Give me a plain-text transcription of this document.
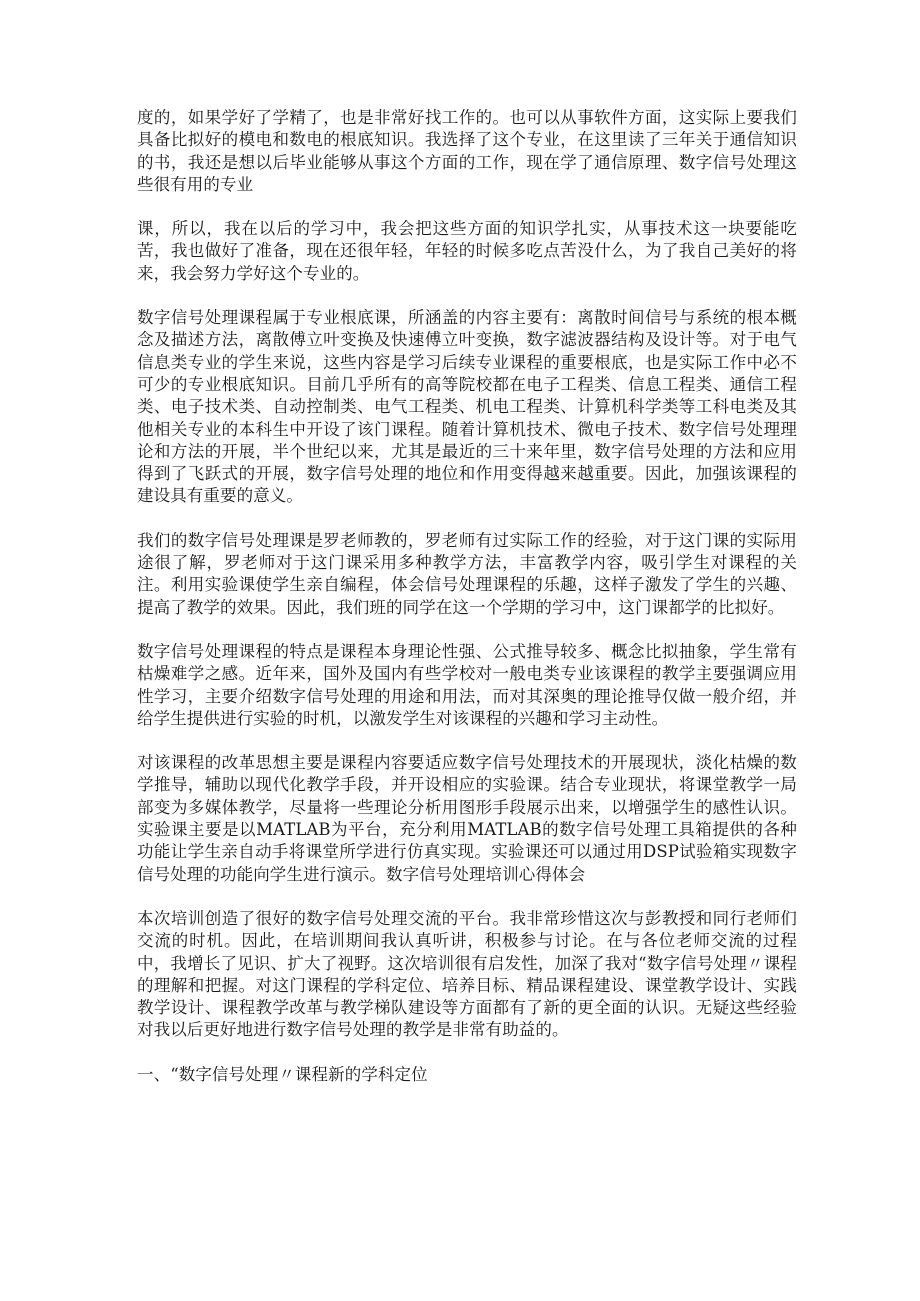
度的，如果学好了学精了，也是非常好找工作的。也可以从事软件方面，这实际上要我们具备比拟好的模电和数电的根底知识。我选择了这个专业，在这里读了三年关于通信知识的书，我还是想以后毕业能够从事这个方面的工作，现在学了通信原理、数字信号处理这些很有用的专业

课，所以，我在以后的学习中，我会把这些方面的知识学扎实，从事技术这一块要能吃苦，我也做好了准备，现在还很年轻，年轻的时候多吃点苦没什么，为了我自己美好的将来，我会努力学好这个专业的。

数字信号处理课程属于专业根底课，所涵盖的内容主要有：离散时间信号与系统的根本概念及描述方法，离散傅立叶变换及快速傅立叶变换，数字滤波器结构及设计等。对于电气信息类专业的学生来说，这些内容是学习后续专业课程的重要根底，也是实际工作中必不可少的专业根底知识。目前几乎所有的高等院校都在电子工程类、信息工程类、通信工程类、电子技术类、自动控制类、电气工程类、机电工程类、计算机科学类等工科电类及其他相关专业的本科生中开设了该门课程。随着计算机技术、微电子技术、数字信号处理理论和方法的开展，半个世纪以来，尤其是最近的三十来年里，数字信号处理的方法和应用得到了飞跃式的开展，数字信号处理的地位和作用变得越来越重要。因此，加强该课程的建设具有重要的意义。

我们的数字信号处理课是罗老师教的，罗老师有过实际工作的经验，对于这门课的实际用途很了解，罗老师对于这门课采用多种教学方法，丰富教学内容，吸引学生对课程的关注。利用实验课使学生亲自编程，体会信号处理课程的乐趣，这样子激发了学生的兴趣、提高了教学的效果。因此，我们班的同学在这一个学期的学习中，这门课都学的比拟好。

数字信号处理课程的特点是课程本身理论性强、公式推导较多、概念比拟抽象，学生常有枯燥难学之感。近年来，国外及国内有些学校对一般电类专业该课程的教学主要强调应用性学习，主要介绍数字信号处理的用途和用法，而对其深奥的理论推导仅做一般介绍，并给学生提供进行实验的时机，以激发学生对该课程的兴趣和学习主动性。

对该课程的改革思想主要是课程内容要适应数字信号处理技术的开展现状，淡化枯燥的数学推导，辅助以现代化教学手段，并开设相应的实验课。结合专业现状，将课堂教学一局部变为多媒体教学，尽量将一些理论分析用图形手段展示出来，以增强学生的感性认识。实验课主要是以MATLAB为平台，充分利用MATLAB的数字信号处理工具箱提供的各种功能让学生亲自动手将课堂所学进行仿真实现。实验课还可以通过用DSP试验箱实现数字信号处理的功能向学生进行演示。数字信号处理培训心得体会

本次培训创造了很好的数字信号处理交流的平台。我非常珍惜这次与彭教授和同行老师们交流的时机。因此，在培训期间我认真听讲，积极参与讨论。在与各位老师交流的过程中，我增长了见识、扩大了视野。这次培训很有启发性，加深了我对“数字信号处理〃课程的理解和把握。对这门课程的学科定位、培养目标、精品课程建设、课堂教学设计、实践教学设计、课程教学改革与教学梯队建设等方面都有了新的更全面的认识。无疑这些经验对我以后更好地进行数字信号处理的教学是非常有助益的。

一、“数字信号处理〃课程新的学科定位
